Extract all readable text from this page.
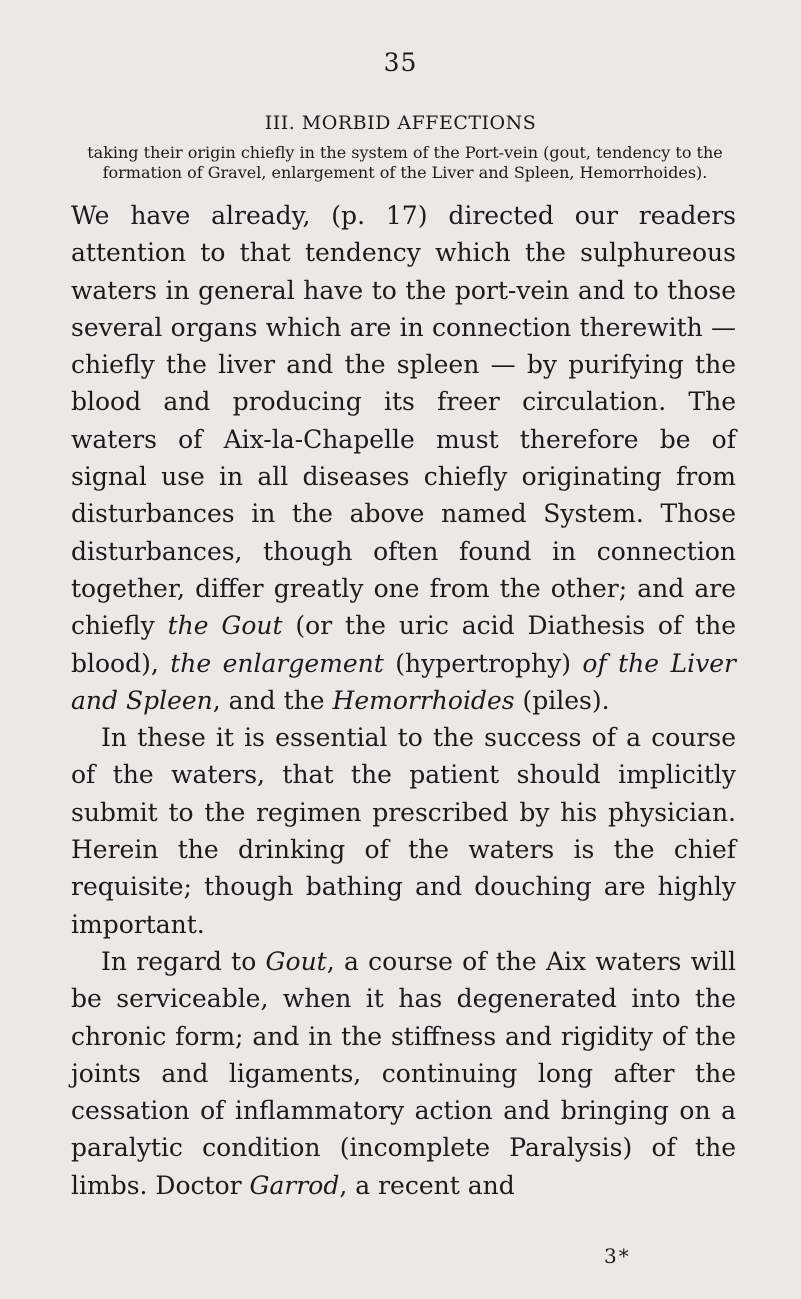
35
III. MORBID AFFECTIONS
taking their origin chiefly in the system of the Port-vein (gout, tendency to the formation of Gravel, enlargement of the Liver and Spleen, Hemorrhoides).

We have already, (p. 17) directed our readers attention to that tendency which the sulphureous waters in general have to the port-vein and to those several organs which are in connection therewith — chiefly the liver and the spleen — by purifying the blood and producing its freer circulation. The waters of Aix-la-Chapelle must therefore be of signal use in all diseases chiefly originating from disturbances in the above named System. Those disturbances, though often found in connection together, differ greatly one from the other; and are chiefly the Gout (or the uric acid Diathesis of the blood), the enlargement (hypertrophy) of the Liver and Spleen, and the Hemorrhoides (piles).

In these it is essential to the success of a course of the waters, that the patient should implicitly submit to the regimen prescribed by his physician. Herein the drinking of the waters is the chief requisite; though bathing and douching are highly important.

In regard to Gout, a course of the Aix waters will be serviceable, when it has degenerated into the chronic form; and in the stiffness and rigidity of the joints and ligaments, continuing long after the cessation of inflammatory action and bringing on a paralytic condition (incomplete Paralysis) of the limbs. Doctor Garrod, a recent and

3*
